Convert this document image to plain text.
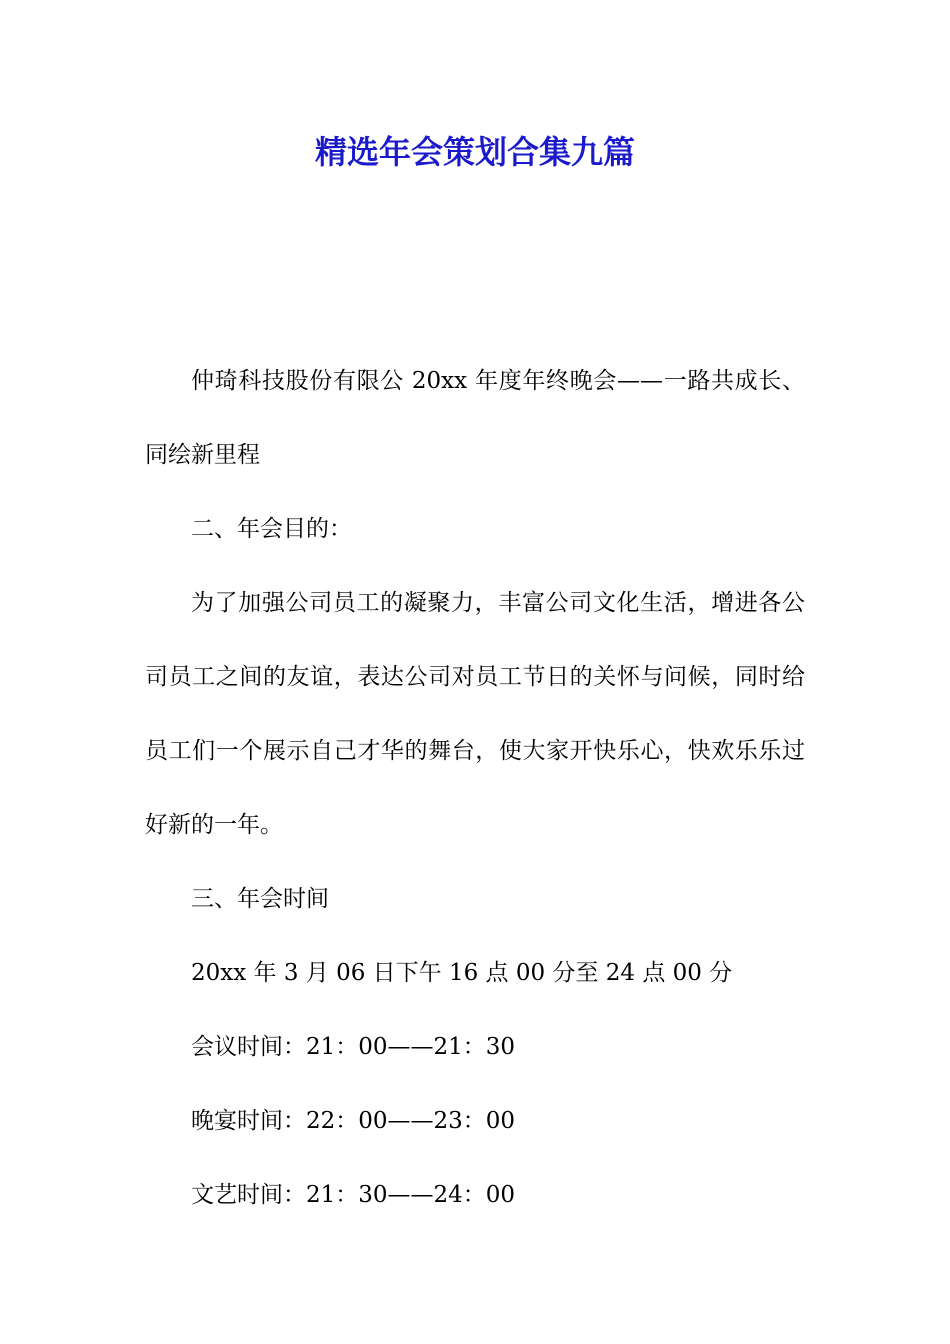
精选年会策划合集九篇

仲琦科技股份有限公 20xx 年度年终晚会——一路共成长、同绘新里程

二、年会目的：

为了加强公司员工的凝聚力，丰富公司文化生活，增进各公司员工之间的友谊，表达公司对员工节日的关怀与问候，同时给员工们一个展示自己才华的舞台，使大家开快乐心，快欢乐乐过好新的一年。

三、年会时间

20xx 年 3 月 06 日下午 16 点 00 分至 24 点 00 分

会议时间：21：00——21：30

晚宴时间：22：00——23：00

文艺时间：21：30——24：00
